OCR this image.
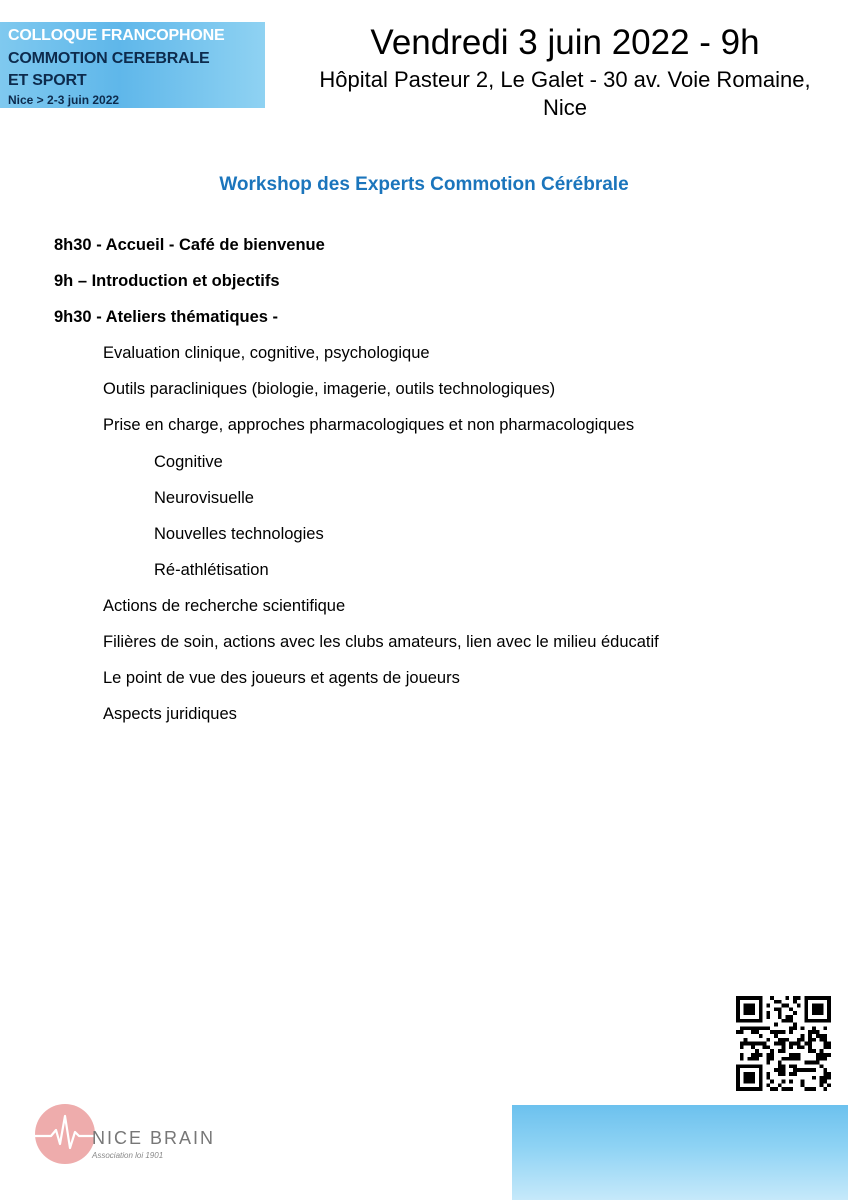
COLLOQUE FRANCOPHONE
COMMOTION CEREBRALE
ET SPORT
Nice > 2-3 juin 2022
Vendredi 3 juin 2022 - 9h
Hôpital Pasteur 2, Le Galet - 30 av. Voie Romaine,
Nice
Workshop des Experts Commotion Cérébrale
8h30 - Accueil - Café de bienvenue
9h – Introduction et objectifs
9h30 - Ateliers thématiques -
Evaluation clinique, cognitive, psychologique
Outils paracliniques (biologie, imagerie, outils technologiques)
Prise en charge, approches pharmacologiques et non pharmacologiques
Cognitive
Neurovisuelle
Nouvelles technologies
Ré-athlétisation
Actions de recherche scientifique
Filières de soin, actions avec les clubs amateurs, lien avec le milieu éducatif
Le point de vue des joueurs et agents de joueurs
Aspects juridiques
NICE BRAIN
Association loi 1901
